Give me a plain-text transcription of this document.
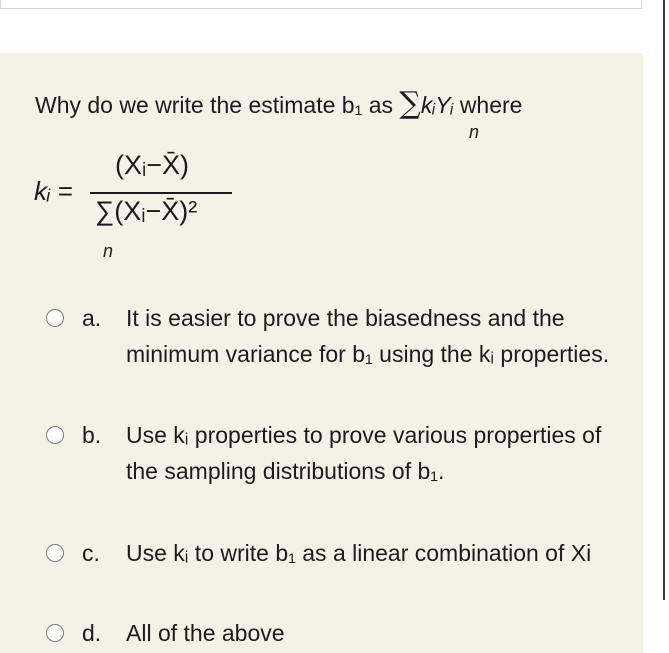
Why do we write the estimate b₁ as ∑kᵢYᵢ where
n
kᵢ =
(Xᵢ−X̄)
∑(Xᵢ−X̄)²
n
a. It is easier to prove the biasedness and the minimum variance for b₁ using the kᵢ properties.
b. Use kᵢ properties to prove various properties of the sampling distributions of b₁.
c. Use kᵢ to write b₁ as a linear combination of Xi
d. All of the above
